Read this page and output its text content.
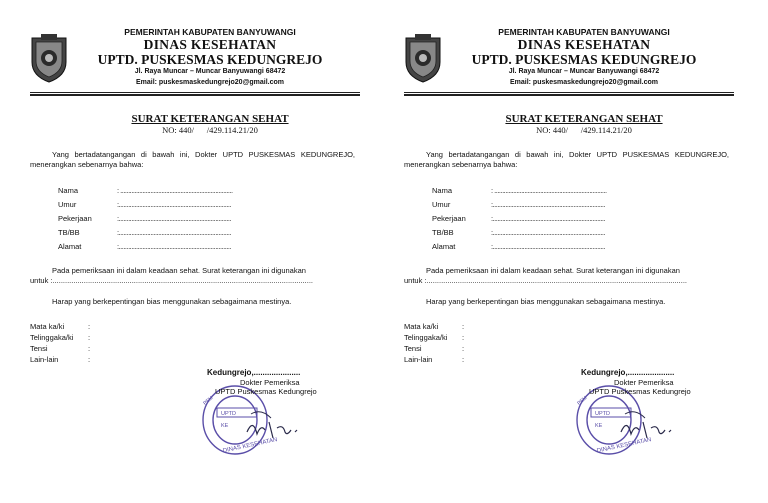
PEMERINTAH KABUPATEN BANYUWANGI
DINAS KESEHATAN
UPTD. PUSKESMAS KEDUNGREJO
Jl. Raya Muncar – Muncar Banyuwangi 68472
Email: puskesmaskedungrejo20@gmail.com
SURAT KETERANGAN SEHAT
NO: 440/      /429.114.21/20
Yang bertadatangangan di bawah ini, Dokter UPTD PUSKESMAS KEDUNGREJO, menerangkan sebenarnya bahwa:
Nama	: .......................................................................
Umur	:.......................................................................
Pekerjaan	:.......................................................................
TB/BB	:.......................................................................
Alamat	:.......................................................................
Pada pemeriksaan ini dalam keadaan sehat. Surat keterangan ini digunakan
untuk :.............................................................................................................................
Harap yang berkepentingan bias menggunakan sebagaimana mestinya.
Mata ka/ki	:
Telinggaka/ki :
Tensi	:
Lain-lain	:
UPTD
KE
DINAS KESEHATAN
PEM
Kedungrejo,.....................
Dokter Pemeriksa
UPTD Puskesmas Kedungrejo
PEMERINTAH KABUPATEN BANYUWANGI
DINAS KESEHATAN
UPTD. PUSKESMAS KEDUNGREJO
Jl. Raya Muncar – Muncar Banyuwangi 68472
Email: puskesmaskedungrejo20@gmail.com
SURAT KETERANGAN SEHAT
NO: 440/      /429.114.21/20
Yang bertadatangangan di bawah ini, Dokter UPTD PUSKESMAS KEDUNGREJO, menerangkan sebenarnya bahwa:
Nama	: .......................................................................
Umur	:.......................................................................
Pekerjaan	:.......................................................................
TB/BB	:.......................................................................
Alamat	:.......................................................................
Pada pemeriksaan ini dalam keadaan sehat. Surat keterangan ini digunakan
untuk :.............................................................................................................................
Harap yang berkepentingan bias menggunakan sebagaimana mestinya.
Mata ka/ki	:
Telinggaka/ki :
Tensi	:
Lain-lain	:
UPTD
KE
DINAS KESEHATAN
PEM
Kedungrejo,.....................
Dokter Pemeriksa
UPTD Puskesmas Kedungrejo
